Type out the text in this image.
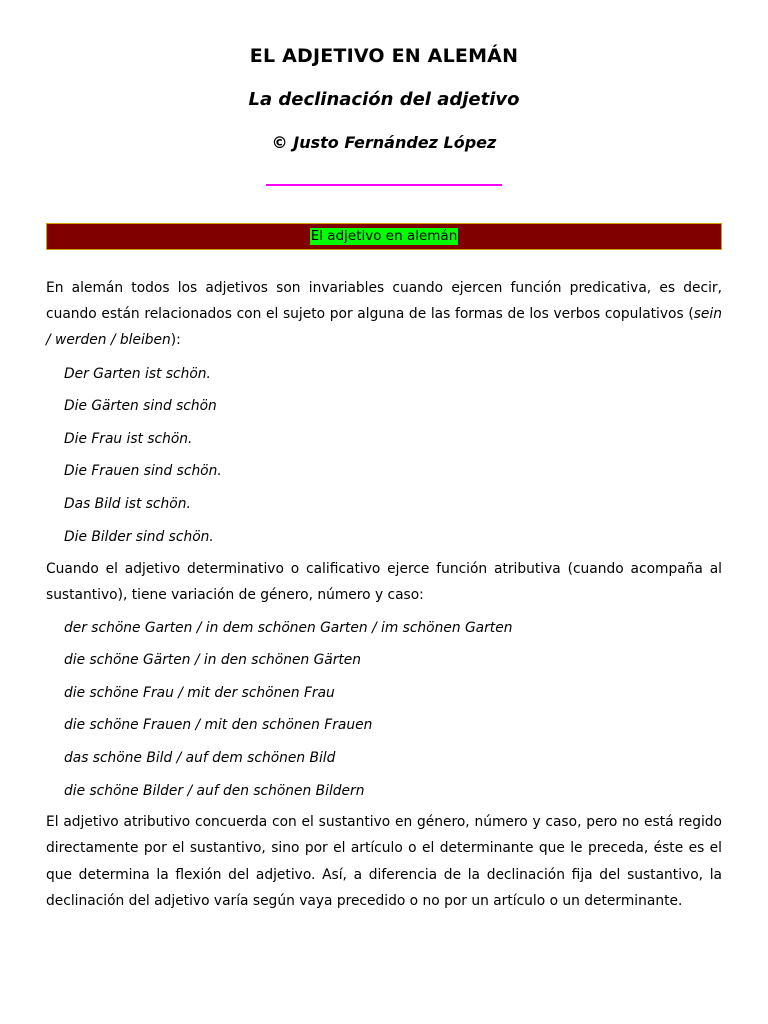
EL ADJETIVO EN ALEMÁN
La declinación del adjetivo
© Justo Fernández López
El adjetivo en alemán

En alemán todos los adjetivos son invariables cuando ejercen función predicativa, es decir, cuando están relacionados con el sujeto por alguna de las formas de los verbos copulativos (sein / werden / bleiben):

Der Garten ist schön.
Die Gärten sind schön
Die Frau ist schön.
Die Frauen sind schön.
Das Bild ist schön.
Die Bilder sind schön.

Cuando el adjetivo determinativo o calificativo ejerce función atributiva (cuando acompaña al sustantivo), tiene variación de género, número y caso:

der schöne Garten / in dem schönen Garten / im schönen Garten
die schöne Gärten / in den schönen Gärten
die schöne Frau / mit der schönen Frau
die schöne Frauen / mit den schönen Frauen
das schöne Bild / auf dem schönen Bild
die schöne Bilder / auf den schönen Bildern

El adjetivo atributivo concuerda con el sustantivo en género, número y caso, pero no está regido directamente por el sustantivo, sino por el artículo o el determinante que le preceda, éste es el que determina la flexión del adjetivo. Así, a diferencia de la declinación fija del sustantivo, la declinación del adjetivo varía según vaya precedido o no por un artículo o un determinante.
